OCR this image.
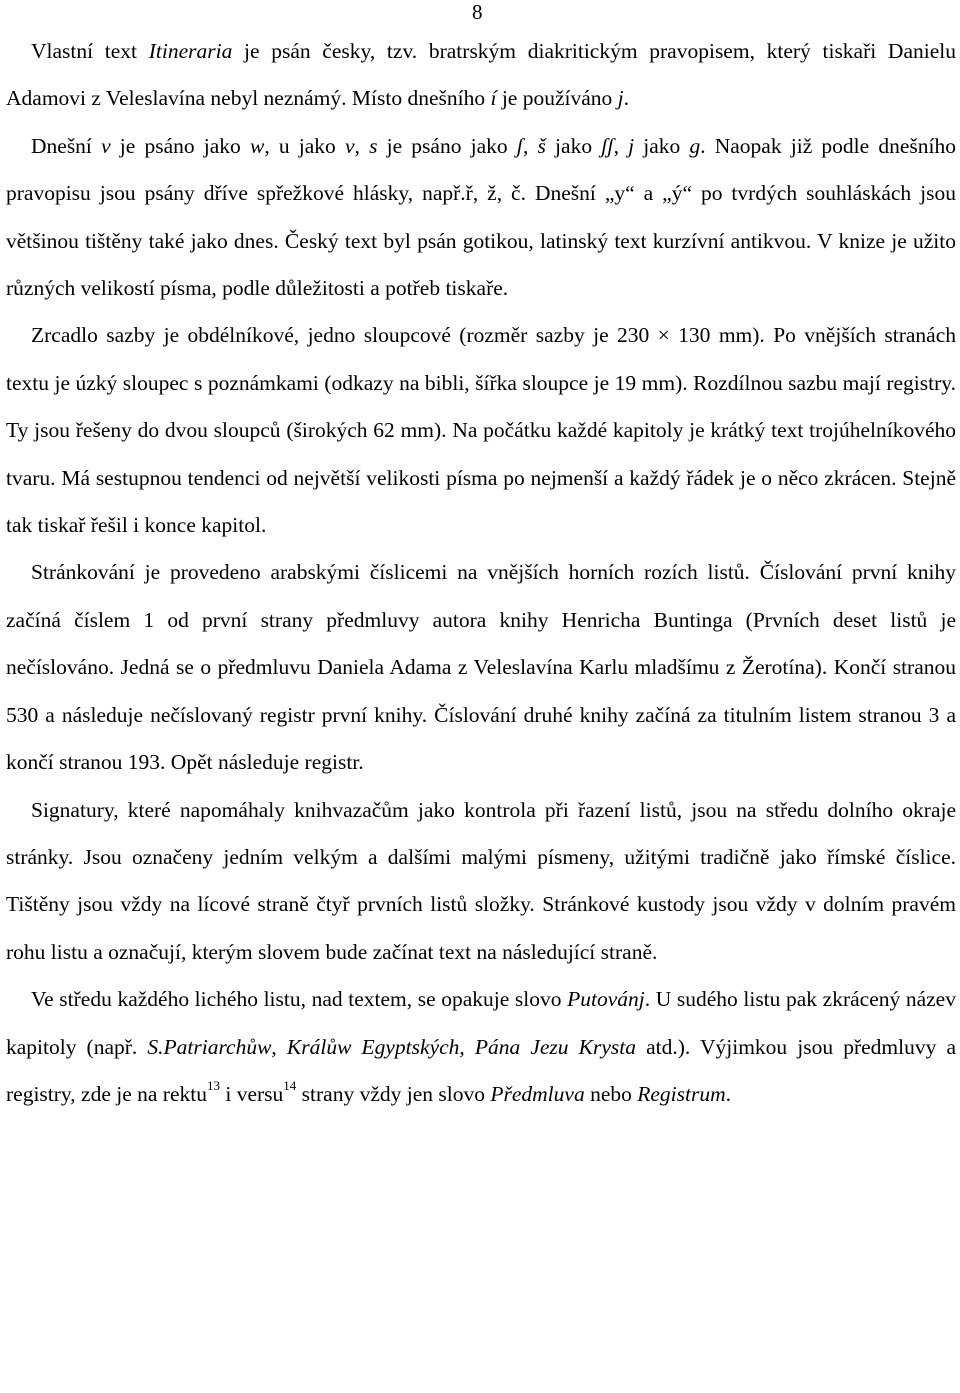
8

Vlastní text Itineraria je psán česky, tzv. bratrským diakritickým pravopisem, který tiskaři Danielu Adamovi z Veleslavína nebyl neznámý. Místo dnešního í je používáno j.

Dnešní v je psáno jako w, u jako v, s je psáno jako ʃ, š jako ʃʃ, j jako g. Naopak již podle dnešního pravopisu jsou psány dříve spřežkové hlásky, např.ř, ž, č. Dnešní „y“ a „ý“ po tvrdých souhláskách jsou většinou tištěny také jako dnes. Český text byl psán gotikou, latinský text kurzívní antikvou. V knize je užito různých velikostí písma, podle důležitosti a potřeb tiskaře.

Zrcadlo sazby je obdélníkové, jedno sloupcové (rozměr sazby je 230 × 130 mm). Po vnějších stranách textu je úzký sloupec s poznámkami (odkazy na bibli, šířka sloupce je 19 mm). Rozdílnou sazbu mají registry. Ty jsou řešeny do dvou sloupců (širokých 62 mm). Na počátku každé kapitoly je krátký text trojúhelníkového tvaru. Má sestupnou tendenci od největší velikosti písma po nejmenší a každý řádek je o něco zkrácen. Stejně tak tiskař řešil i konce kapitol.

Stránkování je provedeno arabskými číslicemi na vnějších horních rozích listů. Číslování první knihy začíná číslem 1 od první strany předmluvy autora knihy Henricha Buntinga (Prvních deset listů je nečíslováno. Jedná se o předmluvu Daniela Adama z Veleslavína Karlu mladšímu z Žerotína). Končí stranou 530 a následuje nečíslovaný registr první knihy. Číslování druhé knihy začíná za titulním listem stranou 3 a končí stranou 193. Opět následuje registr.

Signatury, které napomáhaly knihvazačům jako kontrola při řazení listů, jsou na středu dolního okraje stránky. Jsou označeny jedním velkým a dalšími malými písmeny, užitými tradičně jako římské číslice. Tištěny jsou vždy na lícové straně čtyř prvních listů složky. Stránkové kustody jsou vždy v dolním pravém rohu listu a označují, kterým slovem bude začínat text na následující straně.

Ve středu každého lichého listu, nad textem, se opakuje slovo Putovánj. U sudého listu pak zkrácený název kapitoly (např. S.Patriarchůw, Králůw Egyptských, Pána Jezu Krysta atd.). Výjimkou jsou předmluvy a registry, zde je na rektu$^{13}$ i versu$^{14}$ strany vždy jen slovo Předmluva nebo Registrum.
